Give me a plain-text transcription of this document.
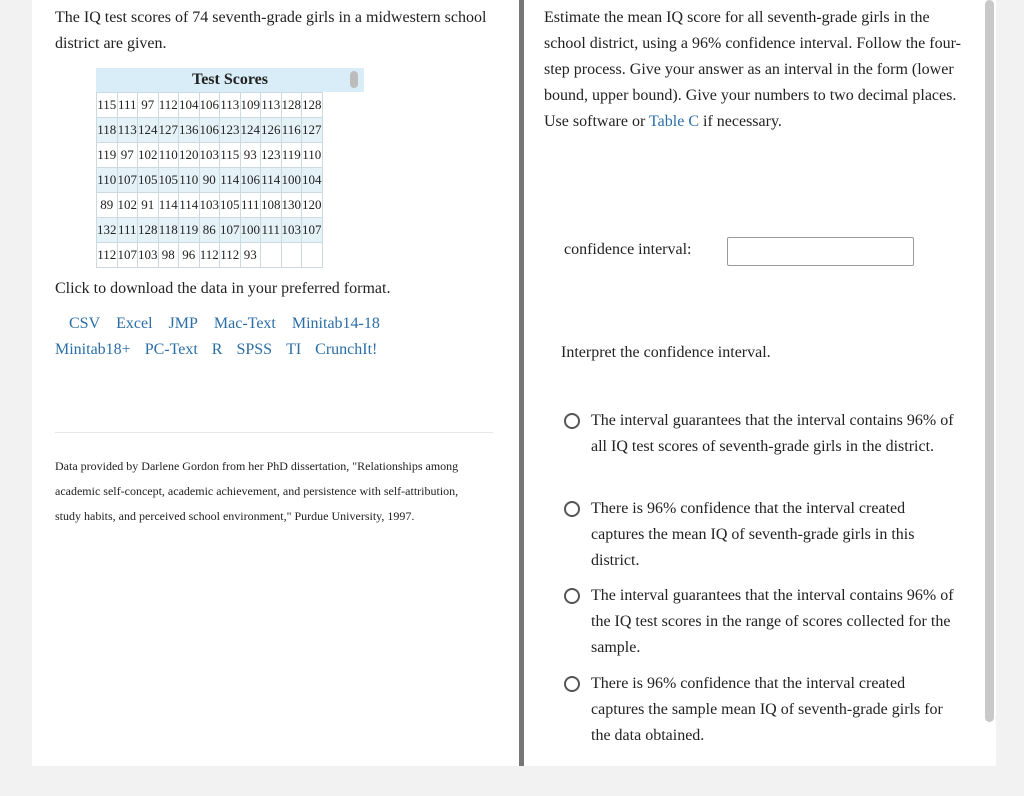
The IQ test scores of 74 seventh-grade girls in a midwestern school district are given.
Test Scores
115	111	97	112	104	106	113	109	113	128	128
118	113	124	127	136	106	123	124	126	116	127
119	97	102	110	120	103	115	93	123	119	110
110	107	105	105	110	90	114	106	114	100	104
89	102	91	114	114	103	105	111	108	130	120
132	111	128	118	119	86	107	100	111	103	107
112	107	103	98	96	112	112	93			
Click to download the data in your preferred format.
CSV Excel JMP Mac-Text Minitab14-18
Minitab18+ PC-Text R SPSS TI CrunchIt!
Data provided by Darlene Gordon from her PhD dissertation, "Relationships among academic self-concept, academic achievement, and persistence with self-attribution, study habits, and perceived school environment," Purdue University, 1997.
Estimate the mean IQ score for all seventh-grade girls in the school district, using a 96% confidence interval. Follow the four-step process. Give your answer as an interval in the form (lower bound, upper bound). Give your numbers to two decimal places. Use software or Table C if necessary.
confidence interval:
Interpret the confidence interval.
The interval guarantees that the interval contains 96% of all IQ test scores of seventh-grade girls in the district.
There is 96% confidence that the interval created captures the mean IQ of seventh-grade girls in this district.
The interval guarantees that the interval contains 96% of the IQ test scores in the range of scores collected for the sample.
There is 96% confidence that the interval created captures the sample mean IQ of seventh-grade girls for the data obtained.
